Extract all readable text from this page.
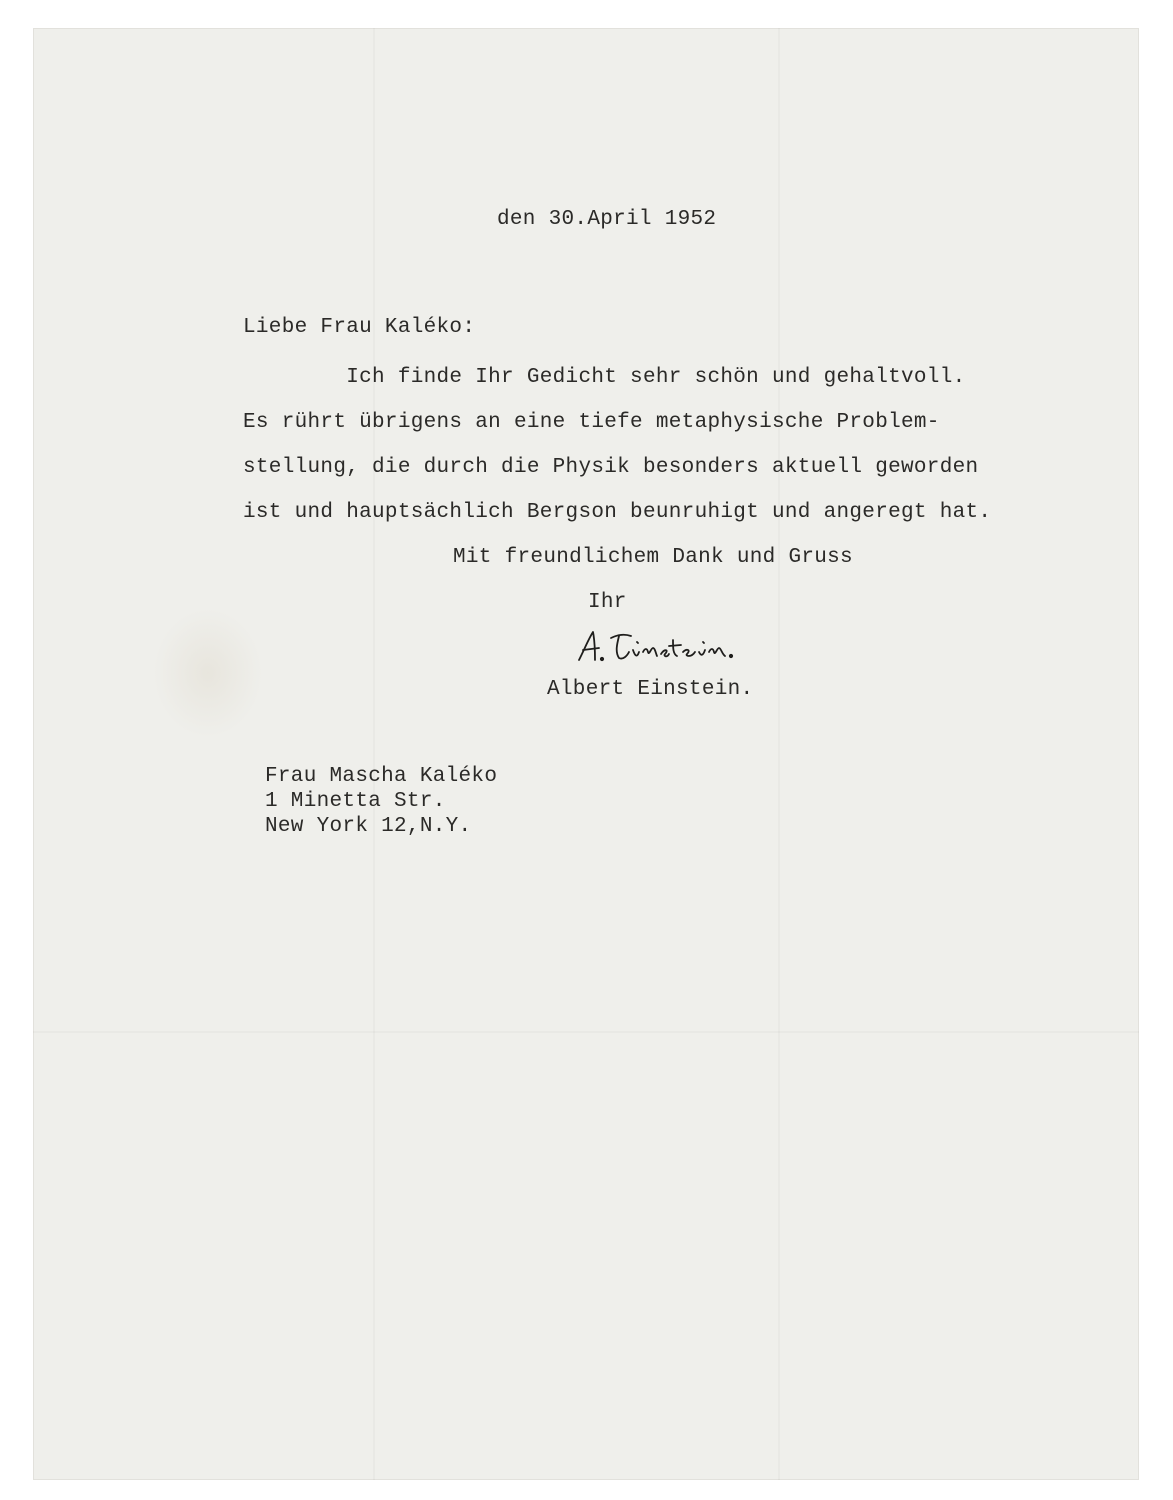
den 30.April 1952
Liebe Frau Kaléko:
Ich finde Ihr Gedicht sehr schön und gehaltvoll.
Es rührt übrigens an eine tiefe metaphysische Problem-
stellung, die durch die Physik besonders aktuell geworden
ist und hauptsächlich Bergson beunruhigt und angeregt hat.
Mit freundlichem Dank und Gruss
Ihr
Albert Einstein.
Frau Mascha Kaléko
1 Minetta Str.
New York 12,N.Y.
